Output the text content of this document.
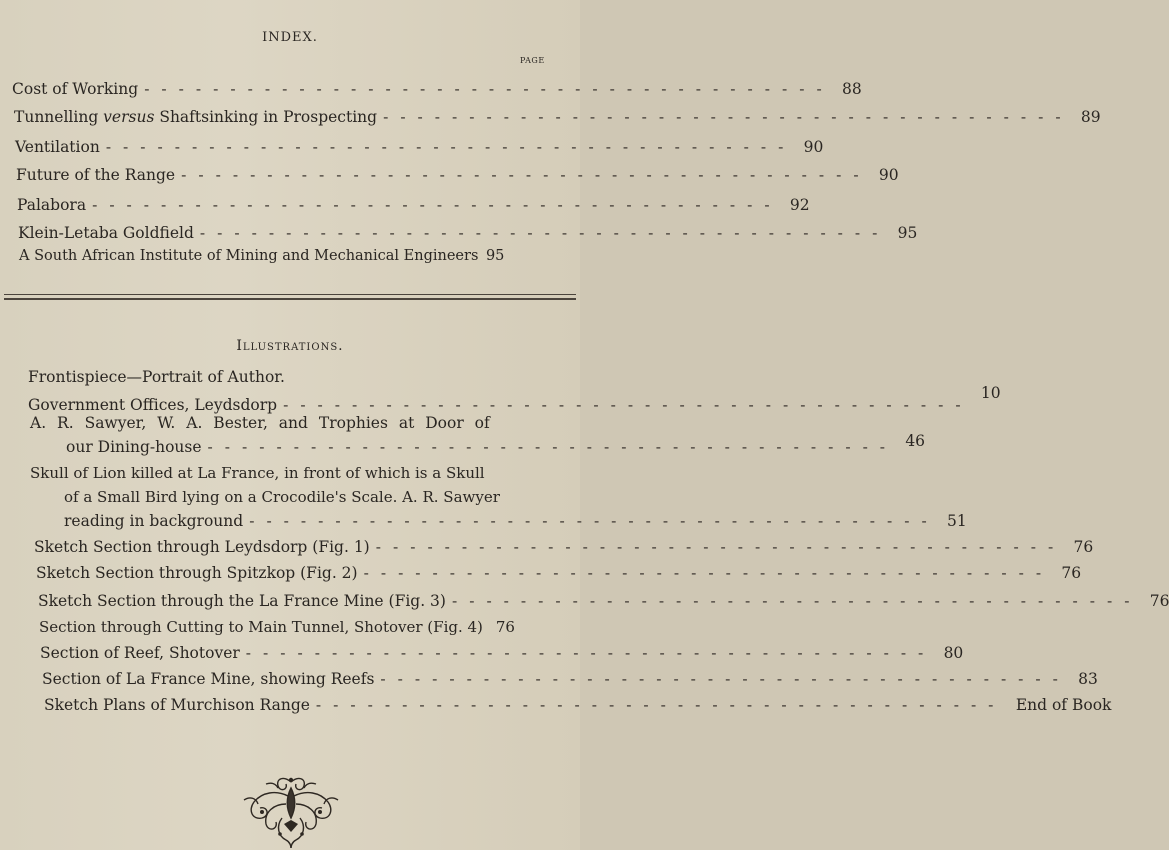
INDEX.
PAGE
Cost of Working ---------------------------------------- 88
Tunnelling versus Shaftsinking in Prospecting ---------------------------------------- 89
Ventilation ---------------------------------------- 90
Future of the Range ---------------------------------------- 90
Palabora ---------------------------------------- 92
Klein-Letaba Goldfield ---------------------------------------- 95
A South African Institute of Mining and Mechanical Engineers 95
Illustrations.
Frontispiece—Portrait of Author.
Government Offices, Leydsdorp ----------------------------------------
10
A. R. Sawyer, W. A. Bester, and Trophies at Door of
our Dining-house ---------------------------------------- 46
Skull of Lion killed at La France, in front of which is a Skull
of a Small Bird lying on a Crocodile's Scale. A. R. Sawyer
reading in background ---------------------------------------- 51
Sketch Section through Leydsdorp (Fig. 1) ---------------------------------------- 76
Sketch Section through Spitzkop (Fig. 2) ---------------------------------------- 76
Sketch Section through the La France Mine (Fig. 3) ---------------------------------------- 76
Section through Cutting to Main Tunnel, Shotover (Fig. 4) 76
Section of Reef, Shotover ---------------------------------------- 80
Section of La France Mine, showing Reefs ---------------------------------------- 83
Sketch Plans of Murchison Range ---------------------------------------- End of Book
